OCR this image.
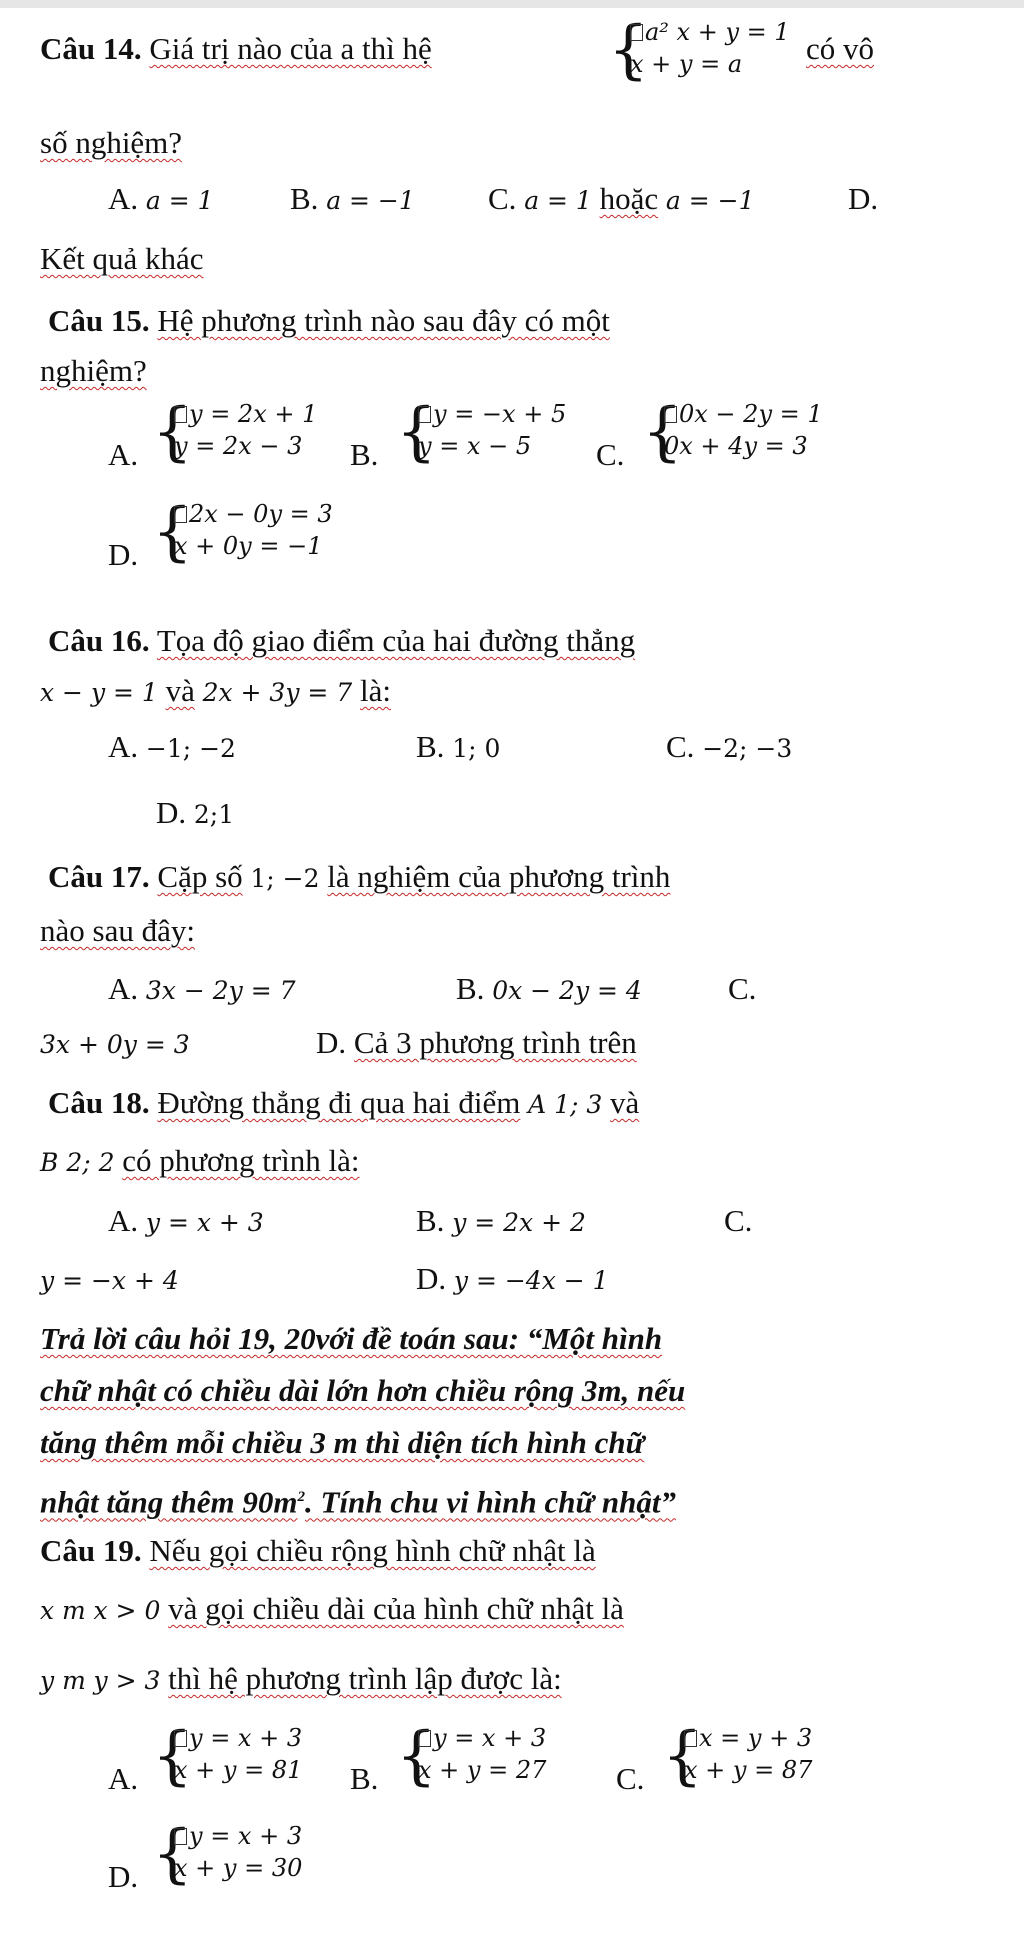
Câu 14. Giá trị nào của a thì hệ	{
a² x + y = 1
x + y = a có vô
số nghiệm?
A. a = 1 B. a = −1 C. a = 1 hoặc a = −1	D.
Kết quả khác
Câu 15. Hệ phương trình nào sau đây có một
nghiệm?
A. {
y = 2x + 1
y = 2x − 3 B. {
y = −x + 5
y = x − 5 C. {
0x − 2y = 1
0x + 4y = 3
D. {
2x − 0y = 3
x + 0y = −1
Câu 16. Tọa độ giao điểm của hai đường thẳng
x − y = 1 và 2x + 3y = 7 là:
A. −1; −2	B. 1; 0	C. −2; −3
D. 2;1
Câu 17. Cặp số 1; −2 là nghiệm của phương trình
nào sau đây:
A. 3x − 2y = 7	B. 0x − 2y = 4	C.
3x + 0y = 3	D. Cả 3 phương trình trên
Câu 18. Đường thẳng đi qua hai điểm A 1; 3 và
B 2; 2 có phương trình là:
A. y = x + 3	B. y = 2x + 2	C.
y = −x + 4	D. y = −4x − 1
Trả lời câu hỏi 19, 20với đề toán sau: “Một hình
chữ nhật có chiều dài lớn hơn chiều rộng 3m, nếu
tăng thêm mỗi chiều 3 m thì diện tích hình chữ
nhật tăng thêm $90m^2$. Tính chu vi hình chữ nhật”
Câu 19. Nếu gọi chiều rộng hình chữ nhật là
x m x > 0 và gọi chiều dài của hình chữ nhật là
y m y > 3 thì hệ phương trình lập được là:
A. {
y = x + 3
x + y = 81 B. {
y = x + 3
x + y = 27 C. {
x = y + 3
x + y = 87
D. {
y = x + 3
x + y = 30
